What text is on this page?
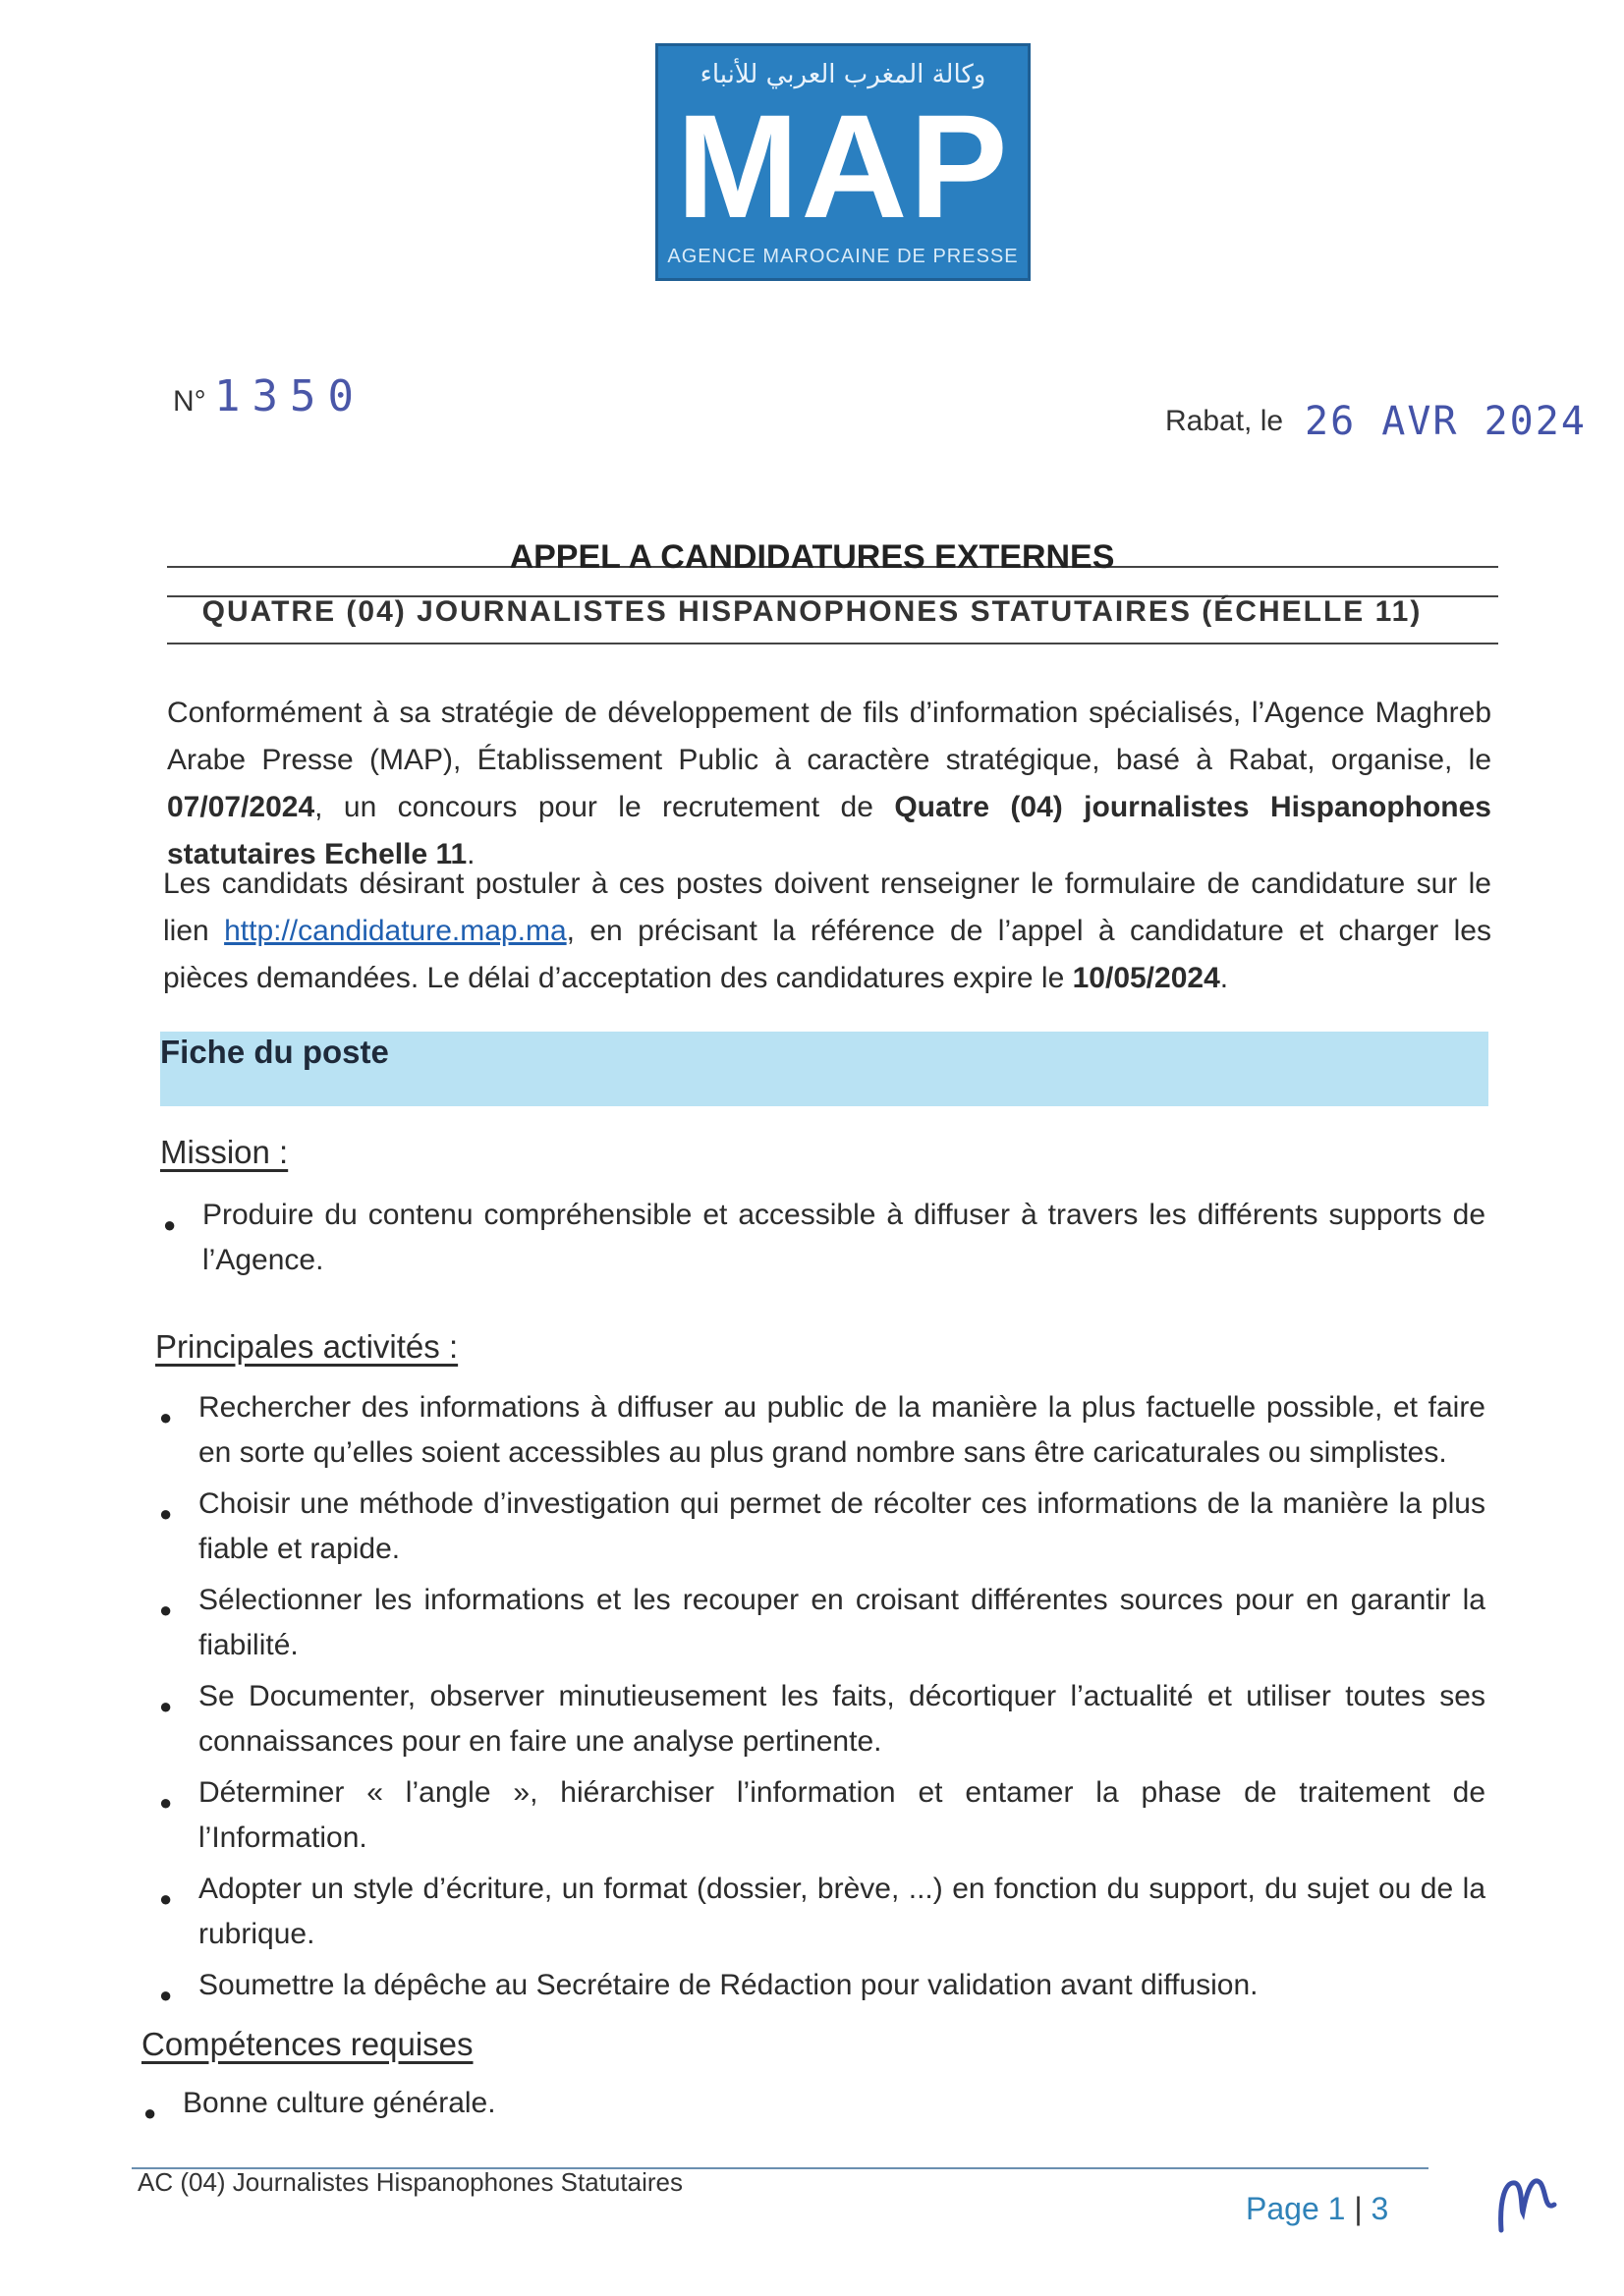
وكالة المغرب العربي للأنباء
MAP
AGENCE MAROCAINE DE PRESSE
N° 1350	Rabat, le 26 AVR 2024
APPEL A CANDIDATURES EXTERNES
QUATRE (04) JOURNALISTES HISPANOPHONES STATUTAIRES (ÉCHELLE 11)
Conformément à sa stratégie de développement de fils d’information spécialisés, l’Agence Maghreb Arabe Presse (MAP), Établissement Public à caractère stratégique, basé à Rabat, organise, le 07/07/2024, un concours pour le recrutement de Quatre (04) journalistes Hispanophones statutaires Echelle 11.
Les candidats désirant postuler à ces postes doivent renseigner le formulaire de candidature sur le lien http://candidature.map.ma, en précisant la référence de l’appel à candidature et charger les pièces demandées. Le délai d’acceptation des candidatures expire le 10/05/2024.
Fiche du poste
Mission :
● Produire du contenu compréhensible et accessible à diffuser à travers les différents supports de l’Agence.
Principales activités :
● Rechercher des informations à diffuser au public de la manière la plus factuelle possible, et faire en sorte qu’elles soient accessibles au plus grand nombre sans être caricaturales ou simplistes.
● Choisir une méthode d’investigation qui permet de récolter ces informations de la manière la plus fiable et rapide.
● Sélectionner les informations et les recouper en croisant différentes sources pour en garantir la fiabilité.
● Se Documenter, observer minutieusement les faits, décortiquer l’actualité et utiliser toutes ses connaissances pour en faire une analyse pertinente.
● Déterminer « l’angle », hiérarchiser l’information et entamer la phase de traitement de l’Information.
● Adopter un style d’écriture, un format (dossier, brève, ...) en fonction du support, du sujet ou de la rubrique.
● Soumettre la dépêche au Secrétaire de Rédaction pour validation avant diffusion.
Compétences requises
● Bonne culture générale.
AC (04) Journalistes Hispanophones Statutaires
Page 1 | 3
